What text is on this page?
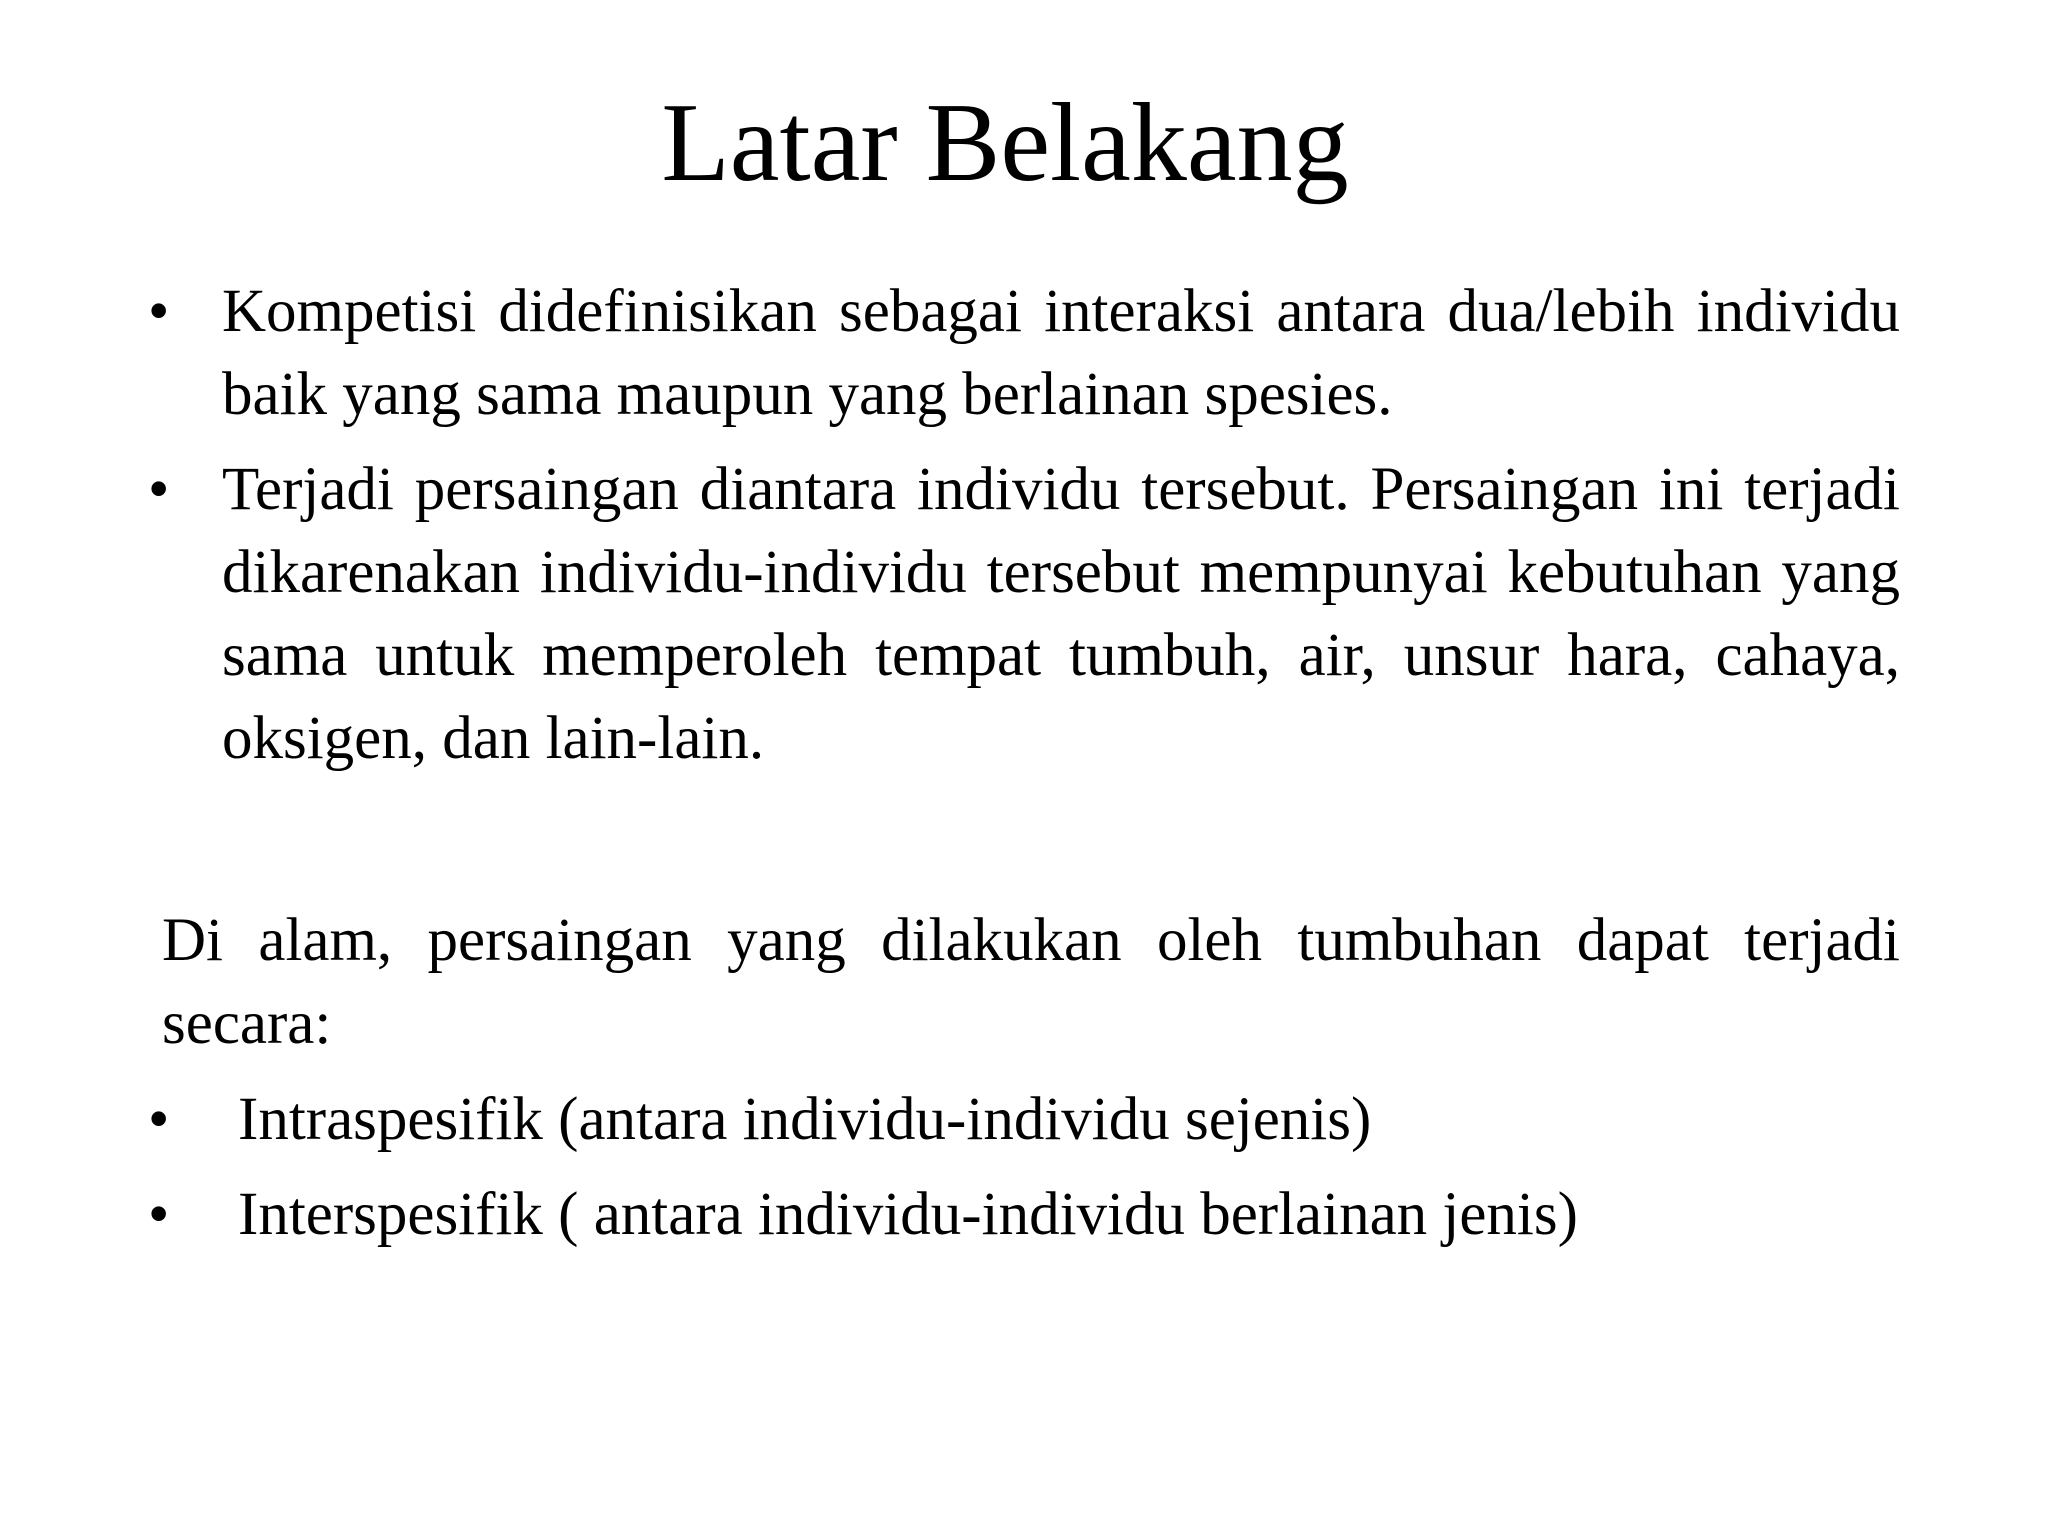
Latar Belakang
• Kompetisi didefinisikan sebagai interaksi antara dua/lebih individu baik yang sama maupun yang berlainan spesies.
• Terjadi persaingan diantara individu tersebut. Persaingan ini terjadi dikarenakan individu-individu tersebut mempunyai kebutuhan yang sama untuk memperoleh tempat tumbuh, air, unsur hara, cahaya, oksigen, dan lain-lain.

Di alam, persaingan yang dilakukan oleh tumbuhan dapat terjadi secara:

• Intraspesifik (antara individu-individu sejenis)
• Interspesifik ( antara individu-individu berlainan jenis)
